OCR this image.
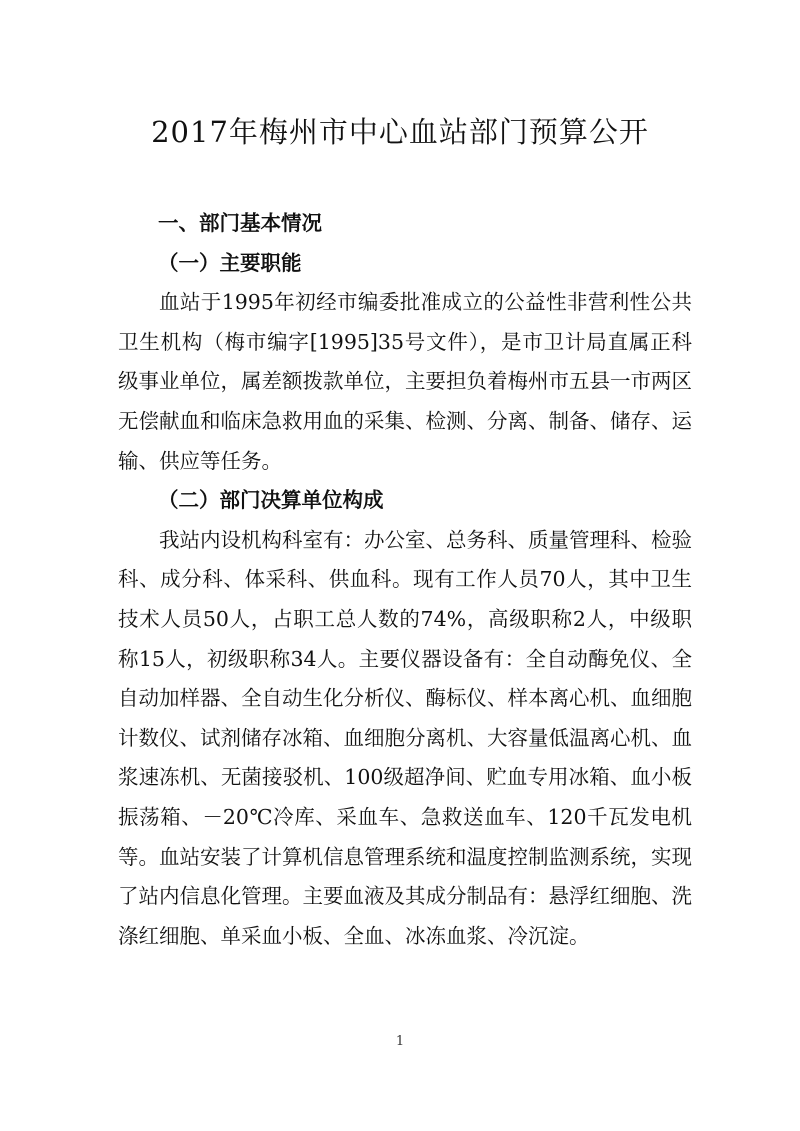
2017年梅州市中心血站部门预算公开

一、部门基本情况

（一）主要职能

血站于1995年初经市编委批准成立的公益性非营利性公共卫生机构（梅市编字[1995]35号文件），是市卫计局直属正科级事业单位，属差额拨款单位，主要担负着梅州市五县一市两区无偿献血和临床急救用血的采集、检测、分离、制备、储存、运输、供应等任务。

（二）部门决算单位构成

我站内设机构科室有：办公室、总务科、质量管理科、检验科、成分科、体采科、供血科。现有工作人员70人，其中卫生技术人员50人，占职工总人数的74%，高级职称2人，中级职称15人，初级职称34人。主要仪器设备有：全自动酶免仪、全自动加样器、全自动生化分析仪、酶标仪、样本离心机、血细胞计数仪、试剂储存冰箱、血细胞分离机、大容量低温离心机、血浆速冻机、无菌接驳机、100级超净间、贮血专用冰箱、血小板振荡箱、－20℃冷库、采血车、急救送血车、120千瓦发电机等。血站安装了计算机信息管理系统和温度控制监测系统，实现了站内信息化管理。主要血液及其成分制品有：悬浮红细胞、洗涤红细胞、单采血小板、全血、冰冻血浆、冷沉淀。

1
